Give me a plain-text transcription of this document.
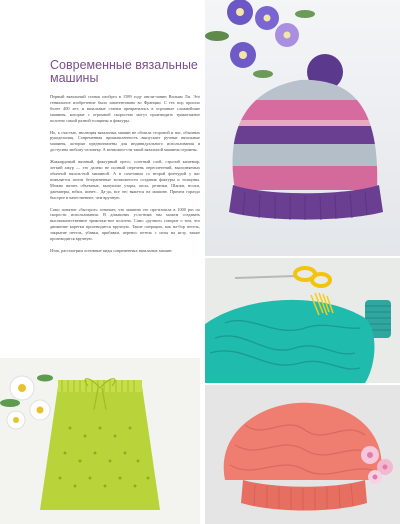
Современные вязальные
машины

Первый вязальный станок изобрел в 1589 году англи-чанин Вильям Ли. Это гениальное изобретение было запатентовано во Франции. С тех пор прошло более 400 лет, и вязальные станки превратились в огромные сложнейшие машины, которые с огромной скоростью могут производить трикотажное полотно самой разной толщины и фактуры.

Но, к счастью, эволюция вязальных машин не обошла стороной и нас, обычных рукодельниц. Современная промышленность выпускает ручные вязальные машины, которые предназначены для индивидуального использования и доступны любому человеку. А возможно-сти такой вязальной машины огромны.

Жаккардовый вязаный, фактурный пресс, плотный слой, строгий кашемир, легкий ажур — это далеко не полный перечень переплетений, выполняемых обычной вязаль-ной машиной. А в сочетании со второй фонтурой у вас появляется почти безграничные возможности создания фактуры и толщины. Можно вязать объемные, выпуклые узоры, косы, резинки. Шапки, носки, джемперы, юбки, пинет... Да-да, все это вяжется на машине. Причем гораздо быстрее и качественнее, чем вручную.

Само понятие «быстрое» означает, что машина это пре-взошла в 1000 раз по скорости использования. В домашних усло-виях мы можем создавать высококачественное трикотаж-ное полотно. Само «ручное» говорит о том, что движение каретки производится вручную. Такие операции, как на-бор петель, закрытие петель, убавки, прибавки, перенос петель с иглы на иглу, также производятся вручную.

Итак, рассмотрим основные виды современных вязальных машин.
